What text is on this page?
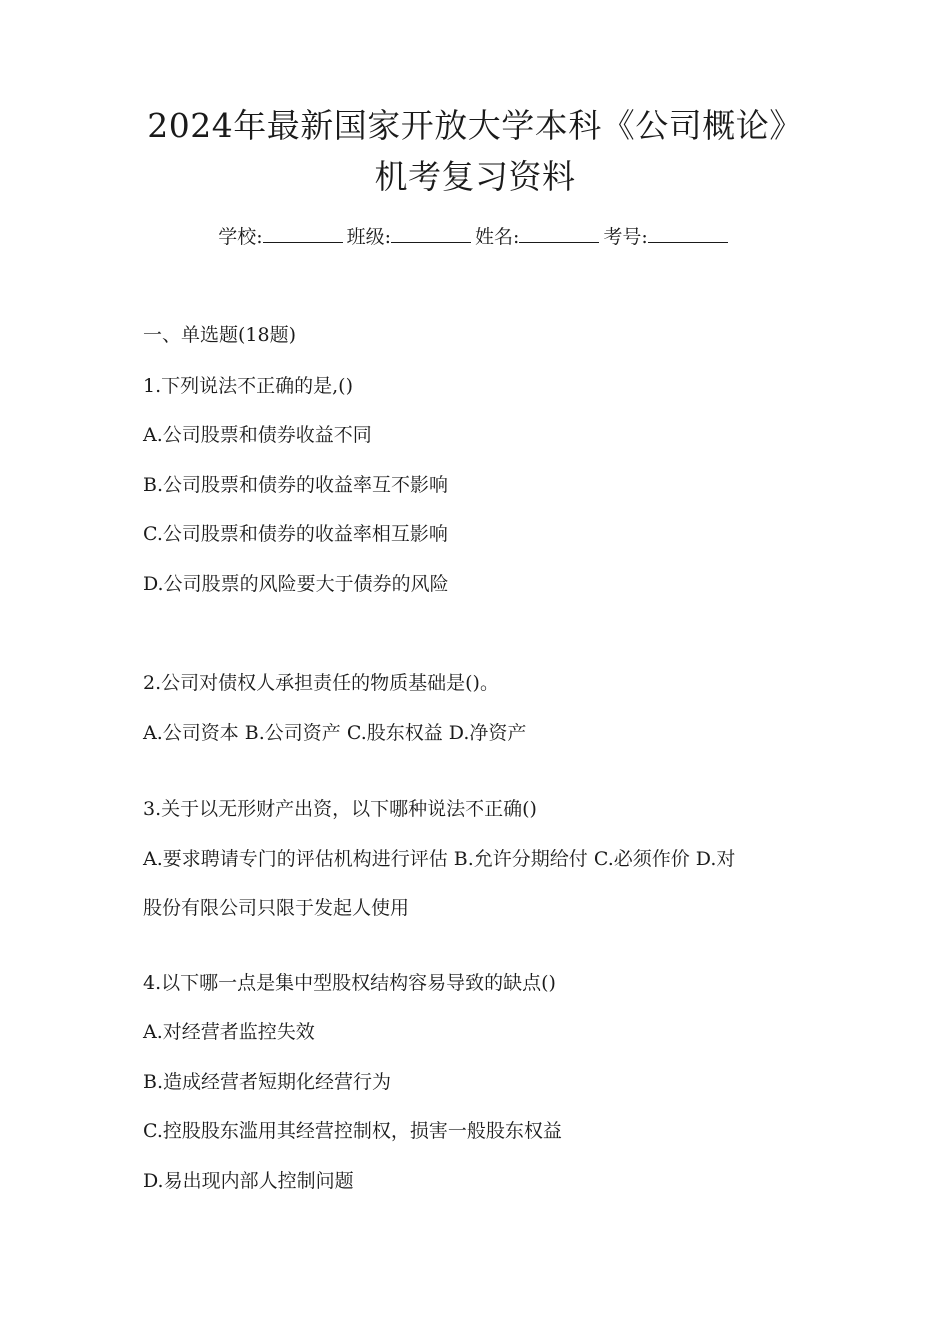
2024年最新国家开放大学本科《公司概论》
机考复习资料
学校:	班级:	姓名:	考号:
一、单选题(18题)
1.下列说法不正确的是,()
A.公司股票和债券收益不同
B.公司股票和债券的收益率互不影响
C.公司股票和债券的收益率相互影响
D.公司股票的风险要大于债券的风险
2.公司对债权人承担责任的物质基础是()。
A.公司资本 B.公司资产 C.股东权益 D.净资产
3.关于以无形财产出资，以下哪种说法不正确()
A.要求聘请专门的评估机构进行评估 B.允许分期给付 C.必须作价 D.对
股份有限公司只限于发起人使用
4.以下哪一点是集中型股权结构容易导致的缺点()
A.对经营者监控失效
B.造成经营者短期化经营行为
C.控股股东滥用其经营控制权，损害一般股东权益
D.易出现内部人控制问题
